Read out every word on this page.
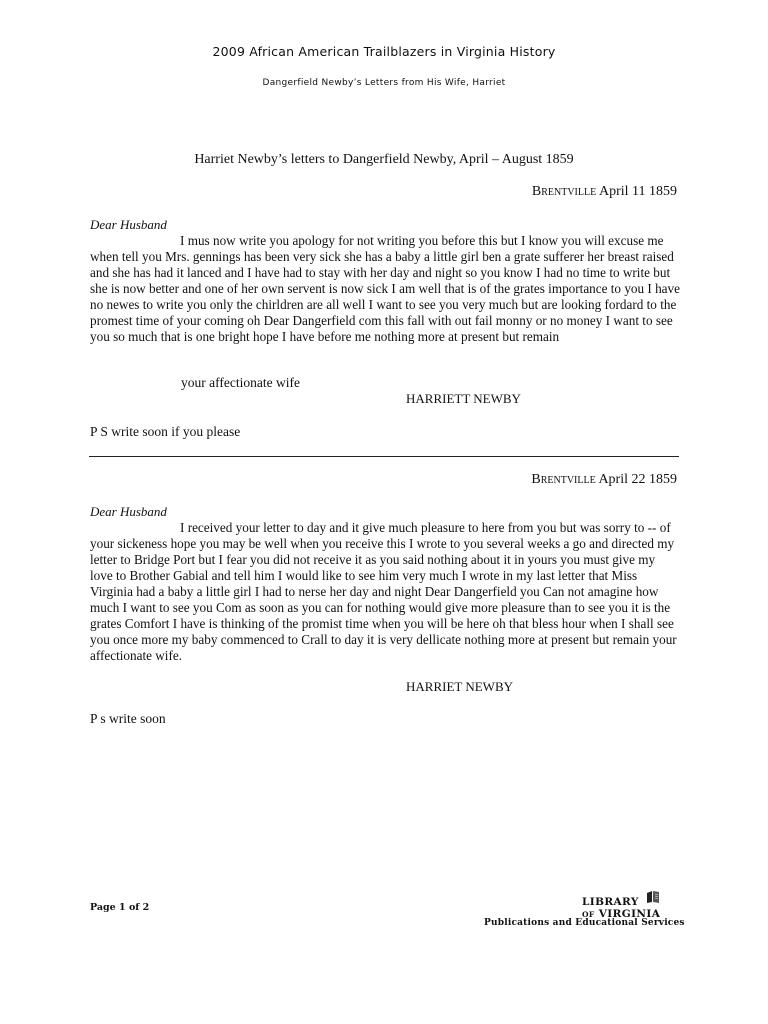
2009 African American Trailblazers in Virginia History
Dangerfield Newby’s Letters from His Wife, Harriet
Harriet Newby’s letters to Dangerfield Newby, April – August 1859
Brentville April 11 1859
Dear Husband

I mus now write you apology for not writing you before this but I know you will excuse me when tell you Mrs. gennings has been very sick she has a baby a little girl ben a grate sufferer her breast raised and she has had it lanced and I have had to stay with her day and night so you know I had no time to write but she is now better and one of her own servent is now sick I am well that is of the grates importance to you I have no newes to write you only the chirldren are all well I want to see you very much but are looking fordard to the promest time of your coming oh Dear Dangerfield com this fall with out fail monny or no money I want to see you so much that is one bright hope I have before me nothing more at present but remain

your affectionate wife
HARRIETT NEWBY
P S write soon if you please
Brentville April 22 1859
Dear Husband

I received your letter to day and it give much pleasure to here from you but was sorry to -- of your sickeness hope you may be well when you receive this I wrote to you several weeks a go and directed my letter to Bridge Port but I fear you did not receive it as you said nothing about it in yours you must give my love to Brother Gabial and tell him I would like to see him very much I wrote in my last letter that Miss Virginia had a baby a little girl I had to nerse her day and night Dear Dangerfield you Can not amagine how much I want to see you Com as soon as you can for nothing would give more pleasure than to see you it is the grates Comfort I have is thinking of the promist time when you will be here oh that bless hour when I shall see you once more my baby commenced to Crall to day it is very dellicate nothing more at present but remain your affectionate wife.

HARRIET NEWBY
P s write soon
Page 1 of 2	LIBRARY
OF VIRGINIA
Publications and Educational Services
